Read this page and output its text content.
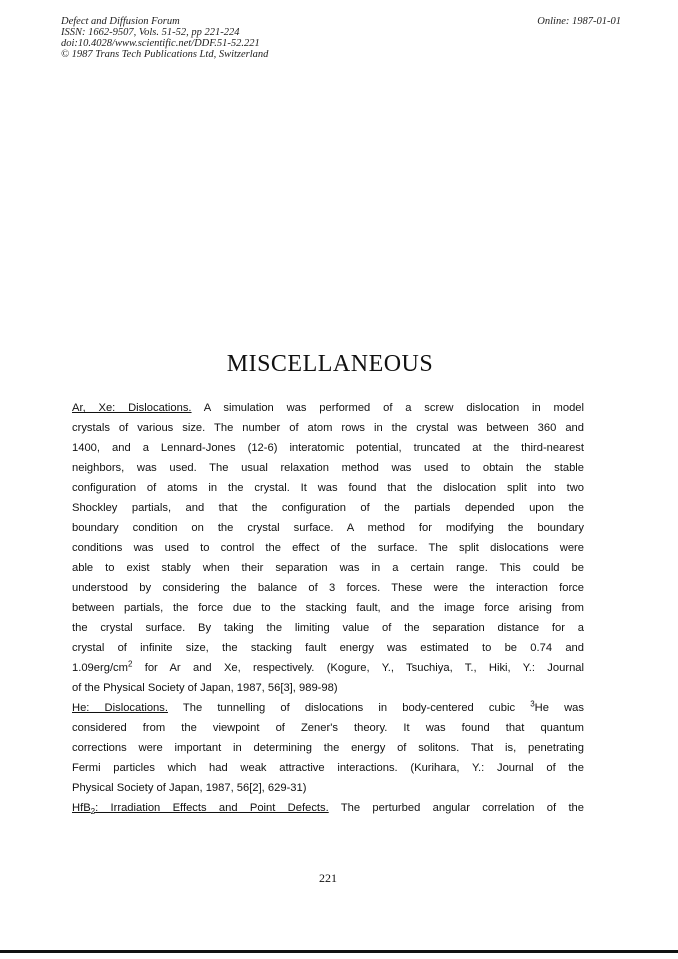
Defect and Diffusion Forum
ISSN: 1662-9507, Vols. 51-52, pp 221-224
doi:10.4028/www.scientific.net/DDF.51-52.221
© 1987 Trans Tech Publications Ltd, Switzerland
Online: 1987-01-01
MISCELLANEOUS
Ar, Xe: Dislocations. A simulation was performed of a screw dislocation in model
crystals of various size. The number of atom rows in the crystal was between 360 and
1400, and a Lennard-Jones (12-6) interatomic potential, truncated at the third-nearest
neighbors, was used. The usual relaxation method was used to obtain the stable
configuration of atoms in the crystal. It was found that the dislocation split into two
Shockley partials, and that the configuration of the partials depended upon the
boundary condition on the crystal surface. A method for modifying the boundary
conditions was used to control the effect of the surface. The split dislocations were
able to exist stably when their separation was in a certain range. This could be
understood by considering the balance of 3 forces. These were the interaction force
between partials, the force due to the stacking fault, and the image force arising from
the crystal surface. By taking the limiting value of the separation distance for a
crystal of infinite size, the stacking fault energy was estimated to be 0.74 and
$1.09erg/cm^2$ for Ar and Xe, respectively. (Kogure, Y., Tsuchiya, T., Hiki, Y.: Journal
of the Physical Society of Japan, 1987, 56[3], 989-98)
He: Dislocations. The tunnelling of dislocations in body-centered cubic $^3$He was
considered from the viewpoint of Zener's theory. It was found that quantum
corrections were important in determining the energy of solitons. That is, penetrating
Fermi particles which had weak attractive interactions. (Kurihara, Y.: Journal of the
Physical Society of Japan, 1987, 56[2], 629-31)
HfB$_2$: Irradiation Effects and Point Defects. The perturbed angular correlation of the
221
